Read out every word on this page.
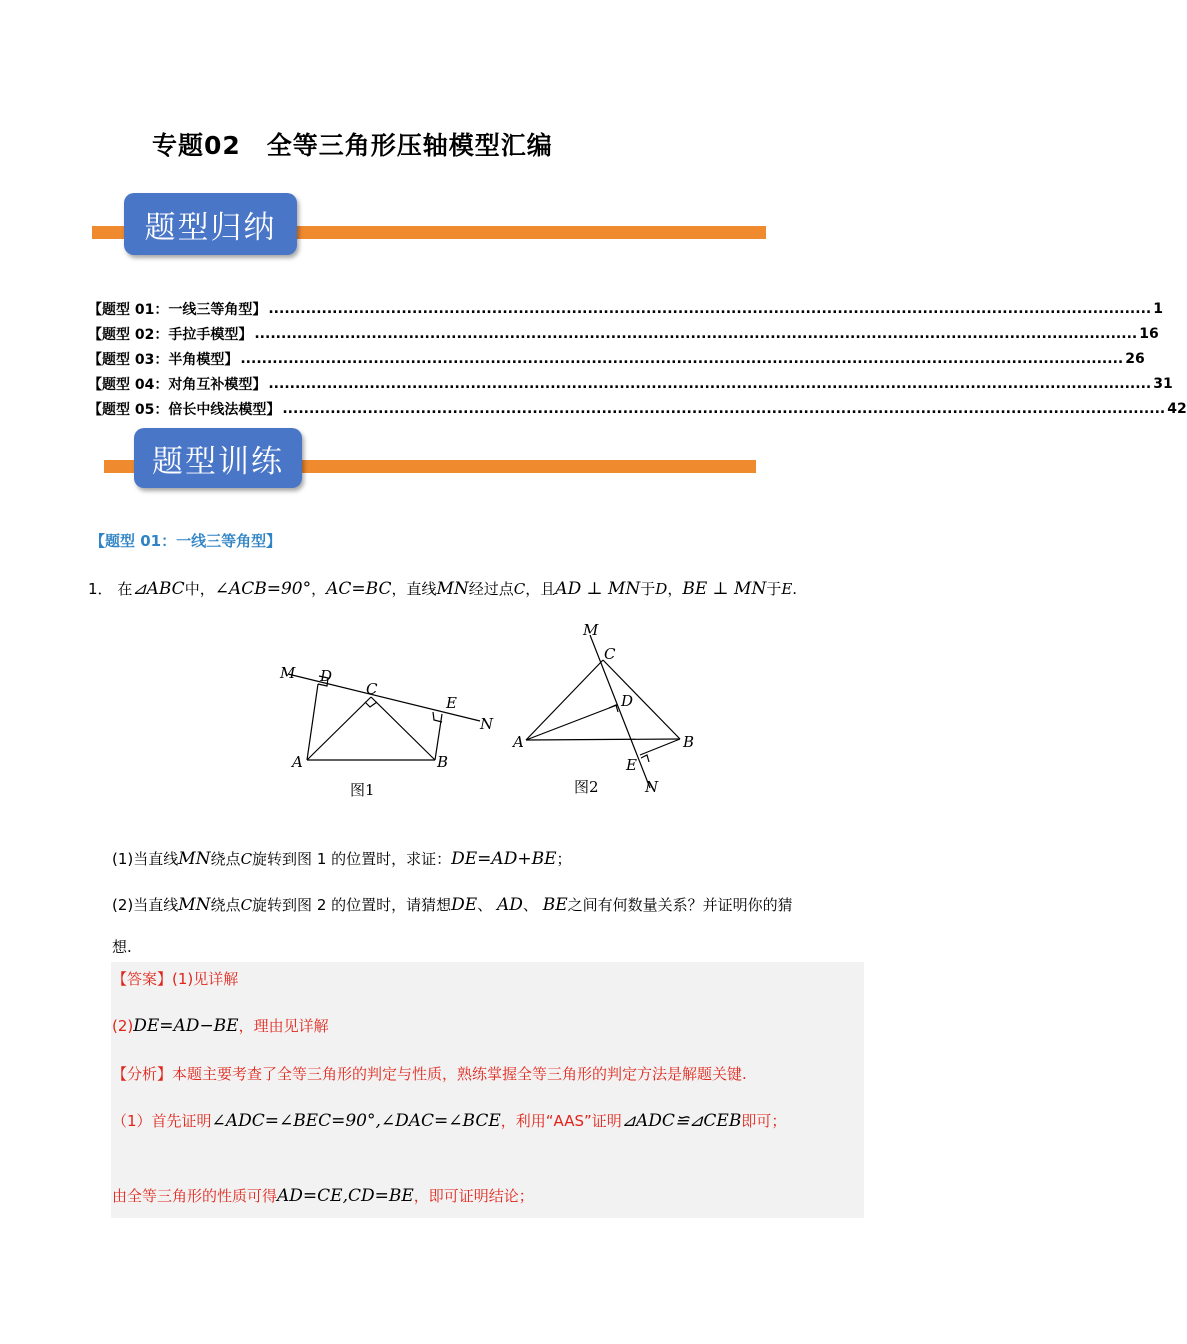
专题02　全等三角形压轴模型汇编
题型归纳
【题型 01：一线三等角型】 ...................................................................................................................................................................... 1
【题型 02：手拉手模型】 ...................................................................................................................................................................... 16
【题型 03：半角模型】 ...................................................................................................................................................................... 26
【题型 04：对角互补模型】 ...................................................................................................................................................................... 31
【题型 05：倍长中线法模型】 ...................................................................................................................................................................... 42
题型训练
【题型 01：一线三等角型】
1． 在⊿ABC中，∠ACB=90°，AC=BC，直线MN经过点C，且AD ⊥ MN于D，BE ⊥ MN于E.
M D
C
E
N
A	B
图1
M
C
D
A	B
E
N
图2
(1)当直线MN绕点C旋转到图 1 的位置时，求证：DE=AD+BE；
(2)当直线MN绕点C旋转到图 2 的位置时，请猜想DE、 AD、 BE之间有何数量关系？并证明你的猜
想.
【答案】(1)见详解
(2)DE=AD−BE，理由见详解
【分析】本题主要考查了全等三角形的判定与性质，熟练掌握全等三角形的判定方法是解题关键.
（1）首先证明∠ADC=∠BEC=90°,∠DAC=∠BCE，利用“AAS”证明⊿ADC≌⊿CEB即可；
由全等三角形的性质可得AD=CE,CD=BE，即可证明结论；
